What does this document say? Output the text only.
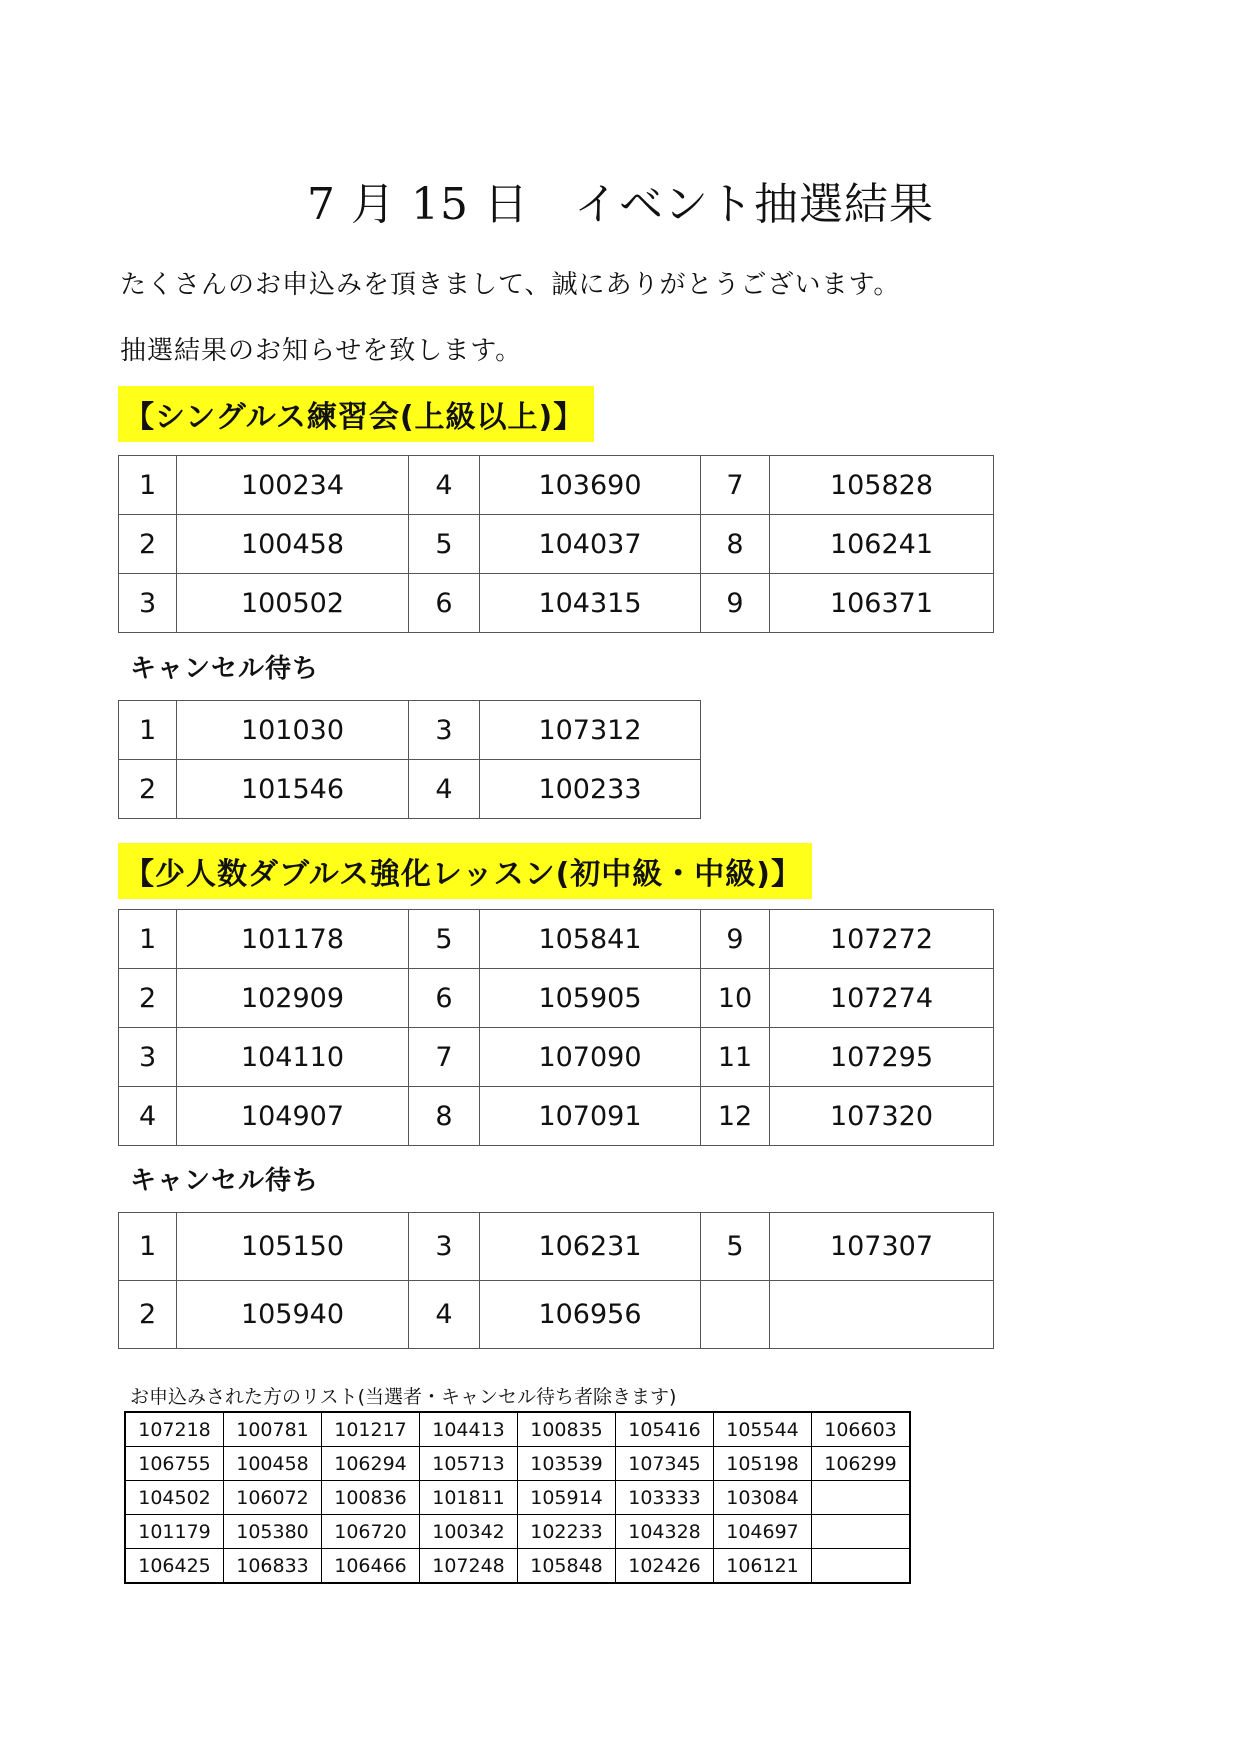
7 月 15 日　イベント抽選結果
たくさんのお申込みを頂きまして、誠にありがとうございます。
抽選結果のお知らせを致します。
【シングルス練習会(上級以上)】
1	100234	4	103690	7	105828
2	100458	5	104037	8	106241
3	100502	6	104315	9	106371
キャンセル待ち
1	101030	3	107312
2	101546	4	100233
【少人数ダブルス強化レッスン(初中級・中級)】
1	101178	5	105841	9	107272
2	102909	6	105905	10	107274
3	104110	7	107090	11	107295
4	104907	8	107091	12	107320
キャンセル待ち
1	105150	3	106231	5	107307
2	105940	4	106956		
お申込みされた方のリスト(当選者・キャンセル待ち者除きます)
107218	100781	101217	104413	100835	105416	105544	106603
106755	100458	106294	105713	103539	107345	105198	106299
104502	106072	100836	101811	105914	103333	103084	
101179	105380	106720	100342	102233	104328	104697	
106425	106833	106466	107248	105848	102426	106121	
